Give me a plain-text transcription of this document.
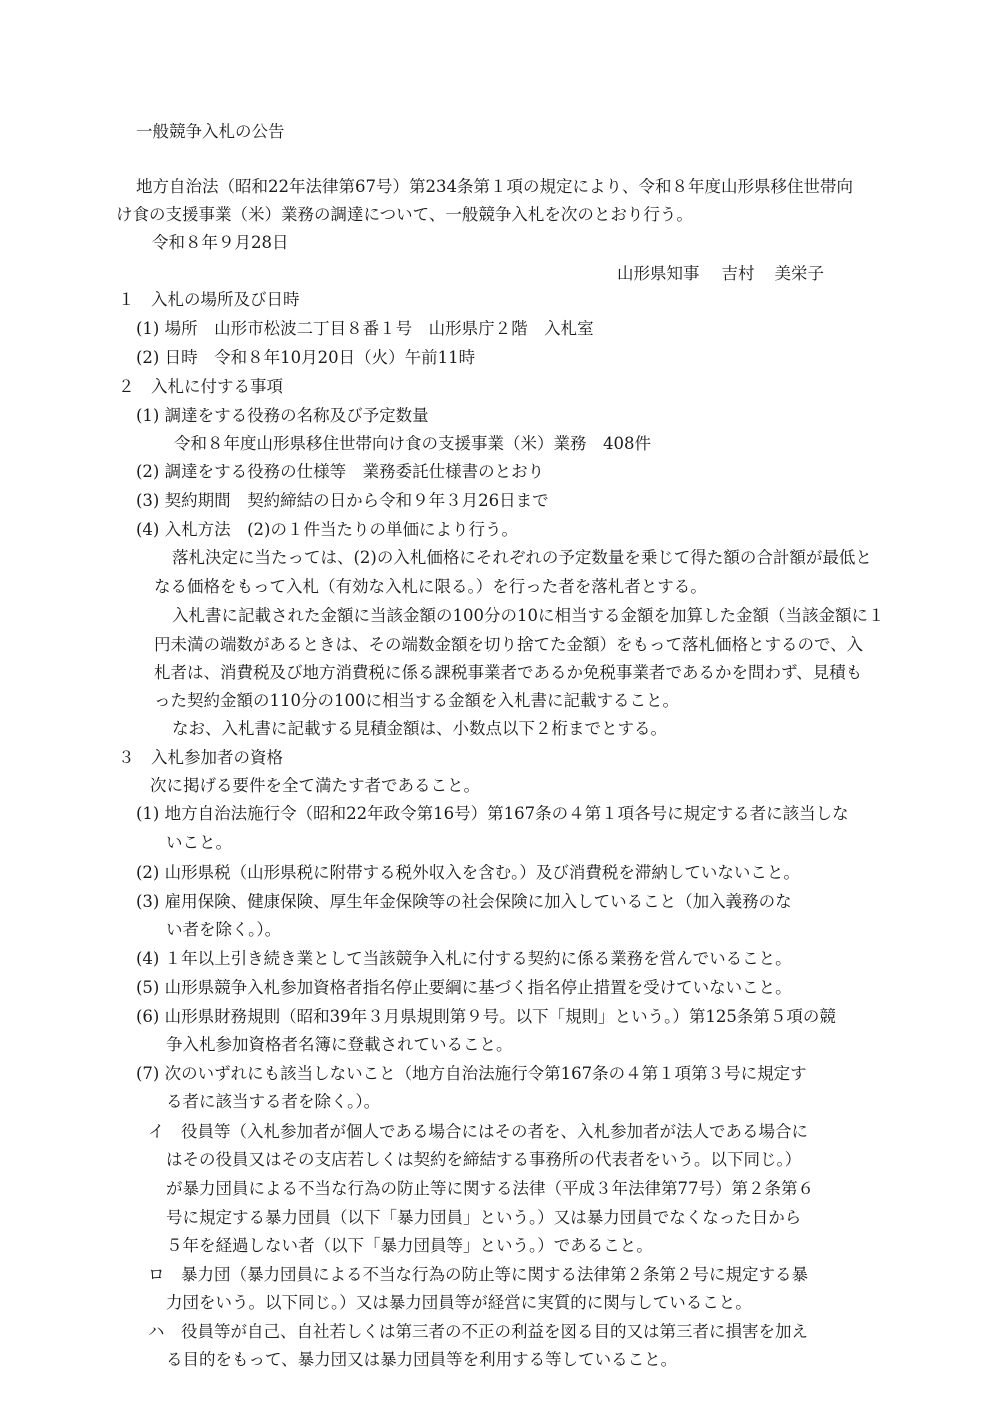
一般競争入札の公告
地方自治法（昭和22年法律第67号）第234条第１項の規定により、令和８年度山形県移住世帯向
け食の支援事業（米）業務の調達について、一般競争入札を次のとおり行う。
令和８年９月28日
山形県知事 吉村 美栄子
１　入札の場所及び日時
(1) 場所　山形市松波二丁目８番１号　山形県庁２階　入札室
(2) 日時　令和８年10月20日（火）午前11時
２　入札に付する事項
(1) 調達をする役務の名称及び予定数量
令和８年度山形県移住世帯向け食の支援事業（米）業務　408件
(2) 調達をする役務の仕様等　業務委託仕様書のとおり
(3) 契約期間　契約締結の日から令和９年３月26日まで
(4) 入札方法　(2)の１件当たりの単価により行う。
落札決定に当たっては、(2)の入札価格にそれぞれの予定数量を乗じて得た額の合計額が最低と
なる価格をもって入札（有効な入札に限る。）を行った者を落札者とする。
入札書に記載された金額に当該金額の100分の10に相当する金額を加算した金額（当該金額に１
円未満の端数があるときは、その端数金額を切り捨てた金額）をもって落札価格とするので、入
札者は、消費税及び地方消費税に係る課税事業者であるか免税事業者であるかを問わず、見積も
った契約金額の110分の100に相当する金額を入札書に記載すること。
なお、入札書に記載する見積金額は、小数点以下２桁までとする。
３　入札参加者の資格
次に掲げる要件を全て満たす者であること。
(1) 地方自治法施行令（昭和22年政令第16号）第167条の４第１項各号に規定する者に該当しな
いこと。
(2) 山形県税（山形県税に附帯する税外収入を含む。）及び消費税を滞納していないこと。
(3) 雇用保険、健康保険、厚生年金保険等の社会保険に加入していること（加入義務のな
い者を除く。）。
(4) １年以上引き続き業として当該競争入札に付する契約に係る業務を営んでいること。
(5) 山形県競争入札参加資格者指名停止要綱に基づく指名停止措置を受けていないこと。
(6) 山形県財務規則（昭和39年３月県規則第９号。以下「規則」という。）第125条第５項の競
争入札参加資格者名簿に登載されていること。
(7) 次のいずれにも該当しないこと（地方自治法施行令第167条の４第１項第３号に規定す
る者に該当する者を除く。）。
イ　役員等（入札参加者が個人である場合にはその者を、入札参加者が法人である場合に
はその役員又はその支店若しくは契約を締結する事務所の代表者をいう。以下同じ。）
が暴力団員による不当な行為の防止等に関する法律（平成３年法律第77号）第２条第６
号に規定する暴力団員（以下「暴力団員」という。）又は暴力団員でなくなった日から
５年を経過しない者（以下「暴力団員等」という。）であること。
ロ　暴力団（暴力団員による不当な行為の防止等に関する法律第２条第２号に規定する暴
力団をいう。以下同じ。）又は暴力団員等が経営に実質的に関与していること。
ハ　役員等が自己、自社若しくは第三者の不正の利益を図る目的又は第三者に損害を加え
る目的をもって、暴力団又は暴力団員等を利用する等していること。
